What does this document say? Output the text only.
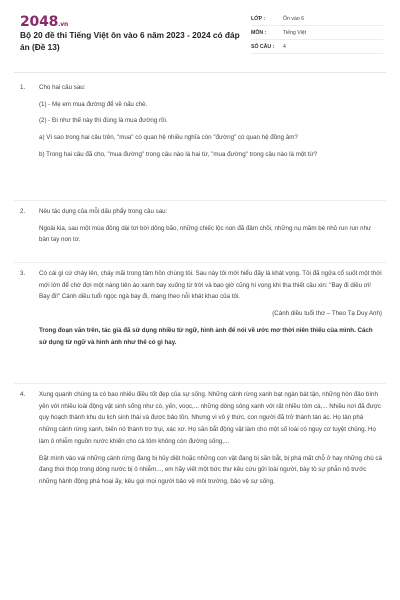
2048.vn
Bộ 20 đề thi Tiếng Việt ôn vào 6 năm 2023 - 2024 có đáp án (Đề 13)
LỚP :	Ôn vào 6
MÔN :	Tiếng Việt
SỐ CÂU :	4
1. Cho hai câu sau:

(1) - Mẹ em mua đường để về nấu chè.

(2) - Đi như thế này thì đúng là mua đường rồi.

a) Vì sao trong hai câu trên, "mua" có quan hệ nhiều nghĩa còn "đường" có quan hệ đồng âm?

b) Trong hai câu đã cho, "mua đường" trong câu nào là hai từ, "mua đường" trong câu nào là một từ?

2. Nêu tác dụng của mỗi dấu phẩy trong câu sau:

Ngoài kia, sau một mùa đông dài tơi bời dông bão, những chiếc lộc non đã đâm chồi, những nụ mầm bé nhỏ run run như bàn tay non tơ.

3. Có cái gì cứ cháy lên, cháy mãi trong tâm hồn chúng tôi. Sau này tôi mới hiểu đấy là khát vọng. Tôi đã ngửa cổ suốt một thời mới lớn để chờ đợi một nàng tiên áo xanh bay xuống từ trời và bao giờ cũng hi vọng khi tha thiết cầu xin: "Bay đi diều ơi! Bay đi!" Cánh diều tuổi ngọc ngà bay đi, mang theo nỗi khát khao của tôi.

(Cánh diều tuổi thơ – Theo Tạ Duy Anh)

Trong đoạn văn trên, tác giả đã sử dụng nhiều từ ngữ, hình ảnh để nói về ước mơ thời niên thiếu của mình. Cách sử dụng từ ngữ và hình ảnh như thế có gì hay.

4. Xung quanh chúng ta có bao nhiêu điều tốt đẹp của sự sống. Những cánh rừng xanh bạt ngàn bát tận, những hòn đảo bình yên với nhiều loài động vật sinh sống như cò, yến, voọc,... những dòng sông xanh với rất nhiều tôm cá,... Nhiều nơi đã được quy hoạch thành khu du lịch sinh thái và được bảo tồn. Nhưng vì vô ý thức, con người đã trở thành tàn ác. Họ tàn phá những cánh rừng xanh, biến nó thành trơ trụi, xác xơ. Họ săn bắt động vật làm cho một số loài có nguy cơ tuyệt chủng. Họ làm ô nhiễm nguồn nước khiến cho cá tôm không còn đường sống,...

Đặt mình vào vai những cánh rừng đang bị hủy diệt hoặc những con vật đang bị săn bắt, bị phá mất chỗ ở hay những chú cá đang thoi thóp trong dòng nước bị ô nhiễm..., em hãy viết một bức thư kêu cứu gửi loài người, bày tỏ sự phẫn nộ trước những hành động phá hoại ấy, kêu gọi mọi người bảo vệ môi trường, bảo vệ sự sống.
